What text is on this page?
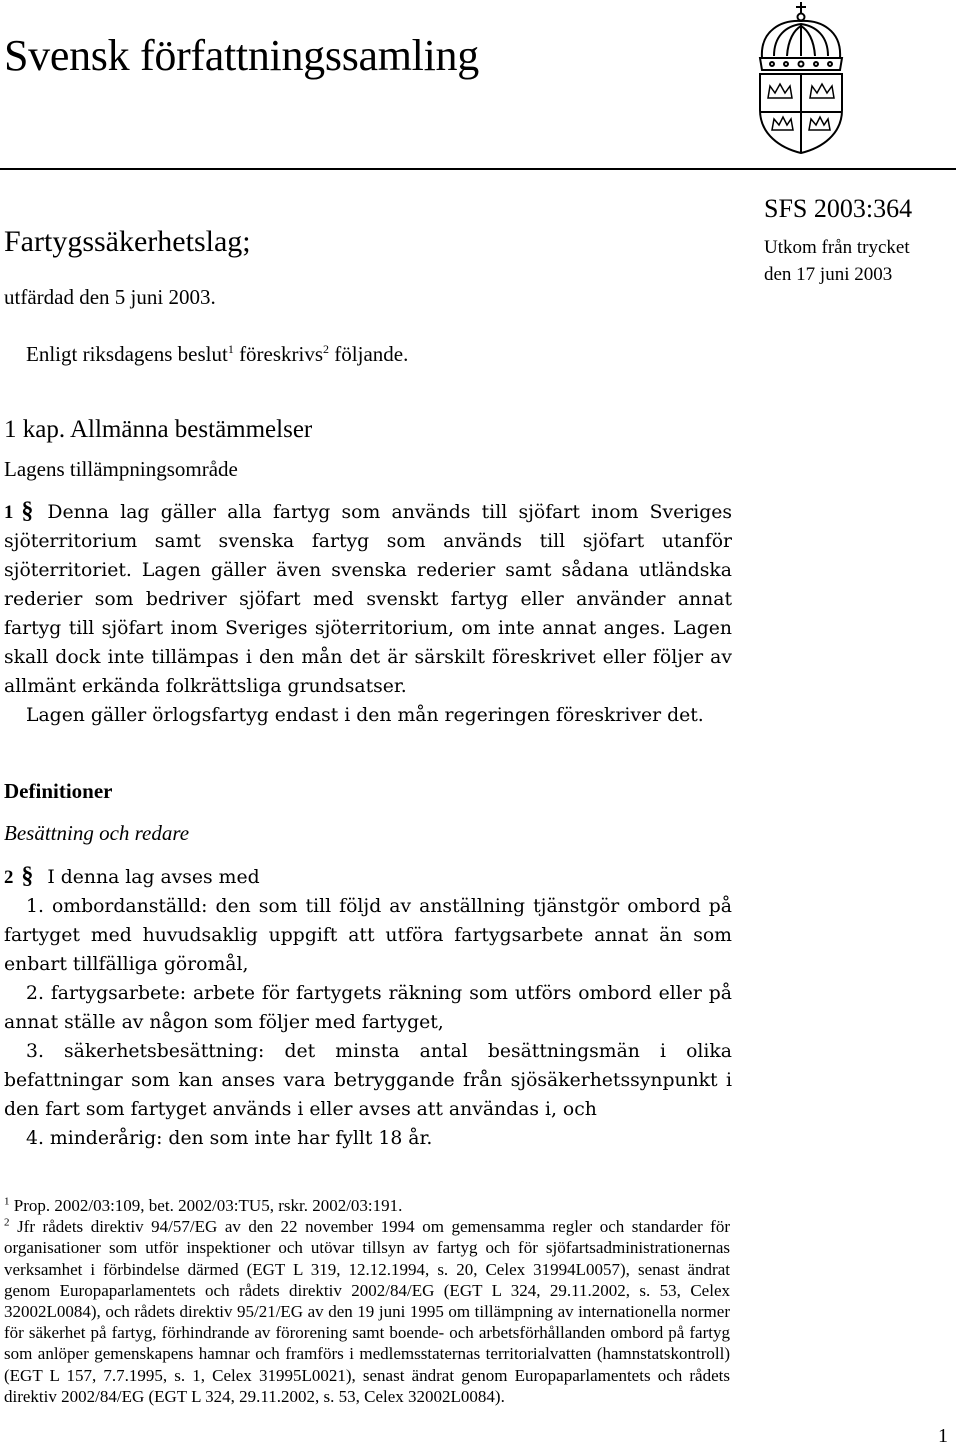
Svensk författningssamling
Fartygssäkerhetslag;
utfärdad den 5 juni 2003.
SFS 2003:364
Utkom från trycket
den 17 juni 2003
Enligt riksdagens beslut$^1$ föreskrivs$^2$ följande.
1 kap. Allmänna bestämmelser
Lagens tillämpningsområde

1 § Denna lag gäller alla fartyg som används till sjöfart inom Sveriges sjöterritorium samt svenska fartyg som används till sjöfart utanför sjöterritoriet. Lagen gäller även svenska rederier samt sådana utländska rederier som bedriver sjöfart med svenskt fartyg eller använder annat fartyg till sjöfart inom Sveriges sjöterritorium, om inte annat anges. Lagen skall dock inte tillämpas i den mån det är särskilt föreskrivet eller följer av allmänt erkända folkrättsliga grundsatser.

Lagen gäller örlogsfartyg endast i den mån regeringen föreskriver det.

Definitioner
Besättning och redare

2 § I denna lag avses med

1. ombordanställd: den som till följd av anställning tjänstgör ombord på fartyget med huvudsaklig uppgift att utföra fartygsarbete annat än som enbart tillfälliga göromål,

2. fartygsarbete: arbete för fartygets räkning som utförs ombord eller på annat ställe av någon som följer med fartyget,

3. säkerhetsbesättning: det minsta antal besättningsmän i olika befattningar som kan anses vara betryggande från sjösäkerhetssynpunkt i den fart som fartyget används i eller avses att användas i, och

4. minderårig: den som inte har fyllt 18 år.

$^1$ Prop. 2002/03:109, bet. 2002/03:TU5, rskr. 2002/03:191.

$^2$ Jfr rådets direktiv 94/57/EG av den 22 november 1994 om gemensamma regler och standarder för organisationer som utför inspektioner och utövar tillsyn av fartyg och för sjöfartsadministrationernas verksamhet i förbindelse därmed (EGT L 319, 12.12.1994, s. 20, Celex 31994L0057), senast ändrat genom Europaparlamentets och rådets direktiv 2002/84/EG (EGT L 324, 29.11.2002, s. 53, Celex 32002L0084), och rådets direktiv 95/21/EG av den 19 juni 1995 om tillämpning av internationella normer för säkerhet på fartyg, förhindrande av förorening samt boende- och arbetsförhållanden ombord på fartyg som anlöper gemenskapens hamnar och framförs i medlemsstaternas territorialvatten (hamnstatskontroll) (EGT L 157, 7.7.1995, s. 1, Celex 31995L0021), senast ändrat genom Europaparlamentets och rådets direktiv 2002/84/EG (EGT L 324, 29.11.2002, s. 53, Celex 32002L0084).

1
